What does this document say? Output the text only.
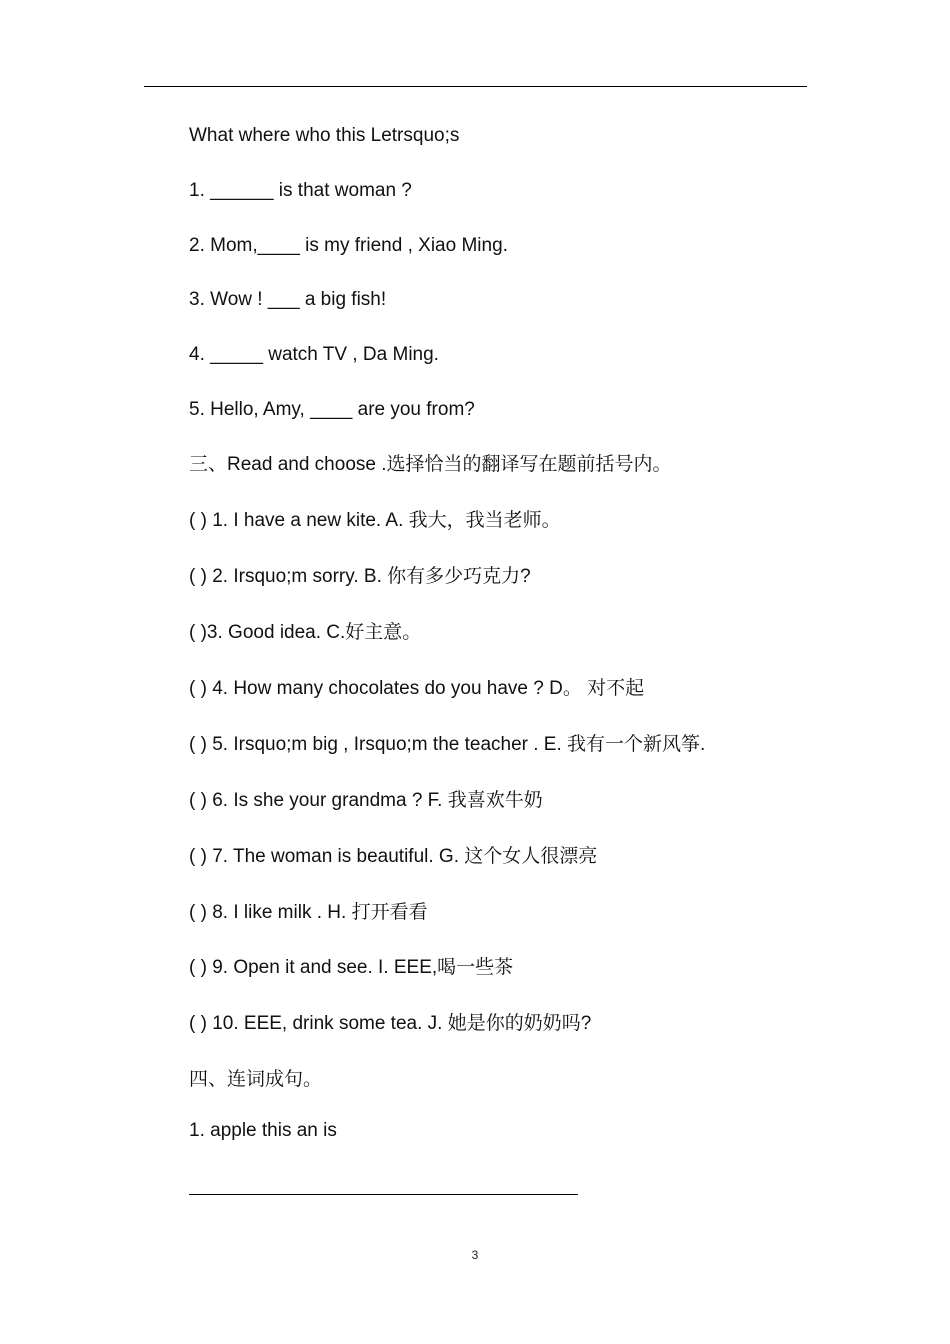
What where who this Letrsquo;s

1. ______ is that woman ?

2. Mom,____ is my friend , Xiao Ming.

3. Wow ! ___ a big fish!

4. _____ watch TV , Da Ming.

5. Hello, Amy, ____ are you from?

三、Read and choose .选择恰当的翻译写在题前括号内。

( ) 1. I have a new kite. A. 我大，我当老师。

( ) 2. Irsquo;m sorry. B. 你有多少巧克力?

( )3. Good idea. C.好主意。

( ) 4. How many chocolates do you have ? D。 对不起

( ) 5. Irsquo;m big , Irsquo;m the teacher . E. 我有一个新风筝.

( ) 6. Is she your grandma ? F. 我喜欢牛奶

( ) 7. The woman is beautiful. G. 这个女人很漂亮

( ) 8. I like milk . H. 打开看看

( ) 9. Open it and see. I. EEE,喝一些茶

( ) 10. EEE, drink some tea. J. 她是你的奶奶吗?

四、连词成句。

1. apple this an is

3
